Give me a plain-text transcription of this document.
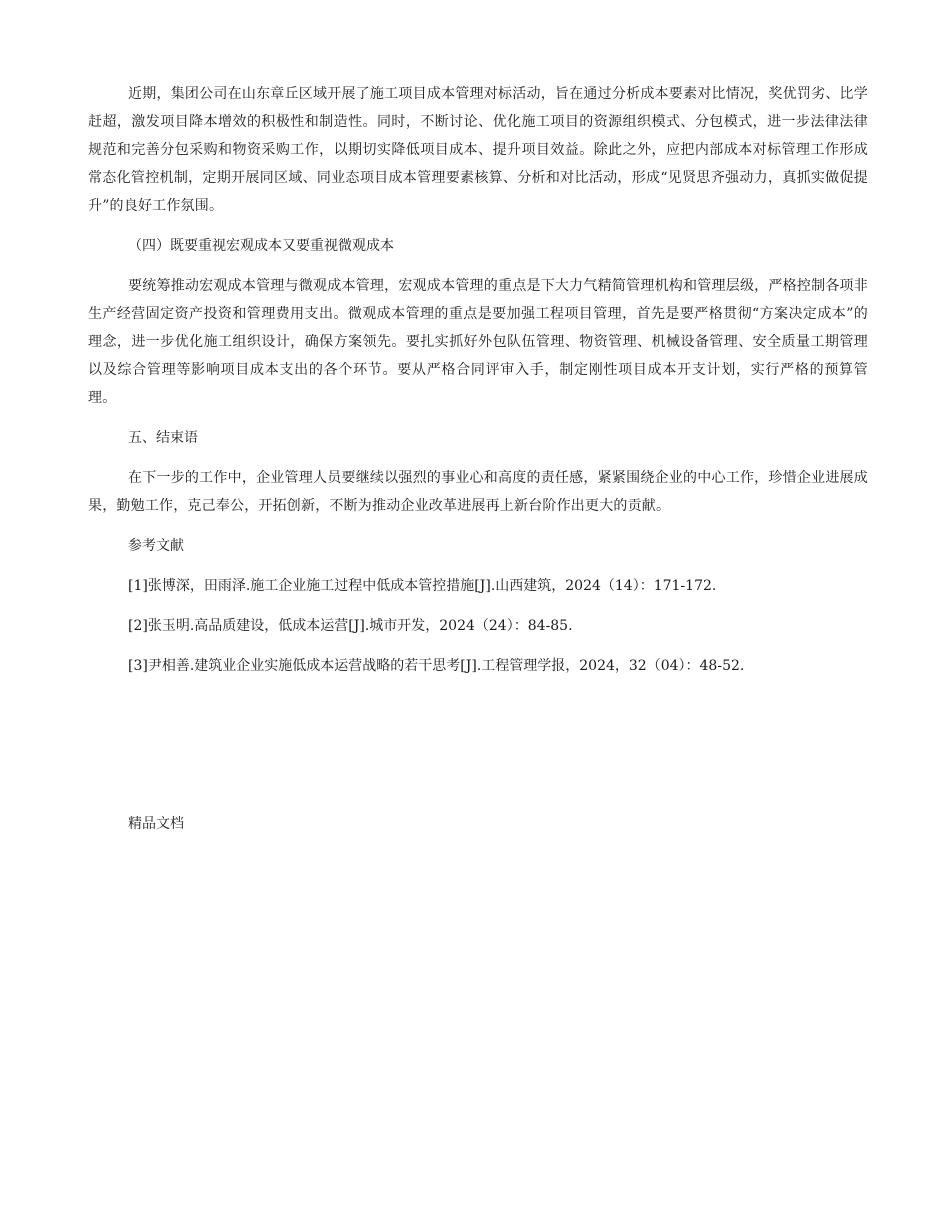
近期，集团公司在山东章丘区域开展了施工项目成本管理对标活动，旨在通过分析成本要素对比情况，奖优罚劣、比学赶超，激发项目降本增效的积极性和制造性。同时，不断讨论、优化施工项目的资源组织模式、分包模式，进一步法律法律规范和完善分包采购和物资采购工作，以期切实降低项目成本、提升项目效益。除此之外，应把内部成本对标管理工作形成常态化管控机制，定期开展同区域、同业态项目成本管理要素核算、分析和对比活动，形成“见贤思齐强动力，真抓实做促提升”的良好工作氛围。

（四）既要重视宏观成本又要重视微观成本

要统筹推动宏观成本管理与微观成本管理，宏观成本管理的重点是下大力气精简管理机构和管理层级，严格控制各项非生产经营固定资产投资和管理费用支出。微观成本管理的重点是要加强工程项目管理，首先是要严格贯彻“方案决定成本”的理念，进一步优化施工组织设计，确保方案领先。要扎实抓好外包队伍管理、物资管理、机械设备管理、安全质量工期管理以及综合管理等影响项目成本支出的各个环节。要从严格合同评审入手，制定刚性项目成本开支计划，实行严格的预算管理。

五、结束语

在下一步的工作中，企业管理人员要继续以强烈的事业心和高度的责任感，紧紧围绕企业的中心工作，珍惜企业进展成果，勤勉工作，克己奉公，开拓创新，不断为推动企业改革进展再上新台阶作出更大的贡献。

参考文献

[1]张博深，田雨泽.施工企业施工过程中低成本管控措施[J].山西建筑，2024（14）：171-172.

[2]张玉明.高品质建设，低成本运营[J].城市开发，2024（24）：84-85.

[3]尹相善.建筑业企业实施低成本运营战略的若干思考[J].工程管理学报，2024，32（04）：48-52.

精品文档
